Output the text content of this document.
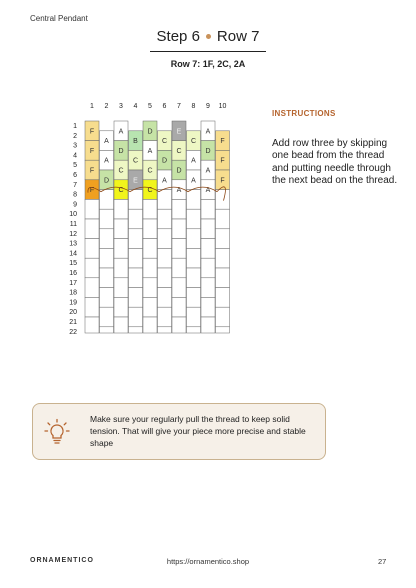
Central Pendant
Step 6 Row 7
Row 7: 1F, 2C, 2A
1 2 3 4 5 6 7 8 9 10
1
2
3
4
5
6
7
8
9
10
11
12
13
14
15
16
17
18
19
20
21
22
F
F
F
F
A
A
D
A
D
C
C
B
C
E
D
A
C
C
C
D
A
E
C
D
A
C
A
A
A
D
A
A
F
F
F
INSTRUCTIONS
Add row three by skipping one bead from the thread and putting needle through the next bead on the thread.
Make sure your regularly pull the thread to keep solid tension. That will give your piece more precise and stable shape
ORNAMENTICO	https://ornamentico.shop	27
